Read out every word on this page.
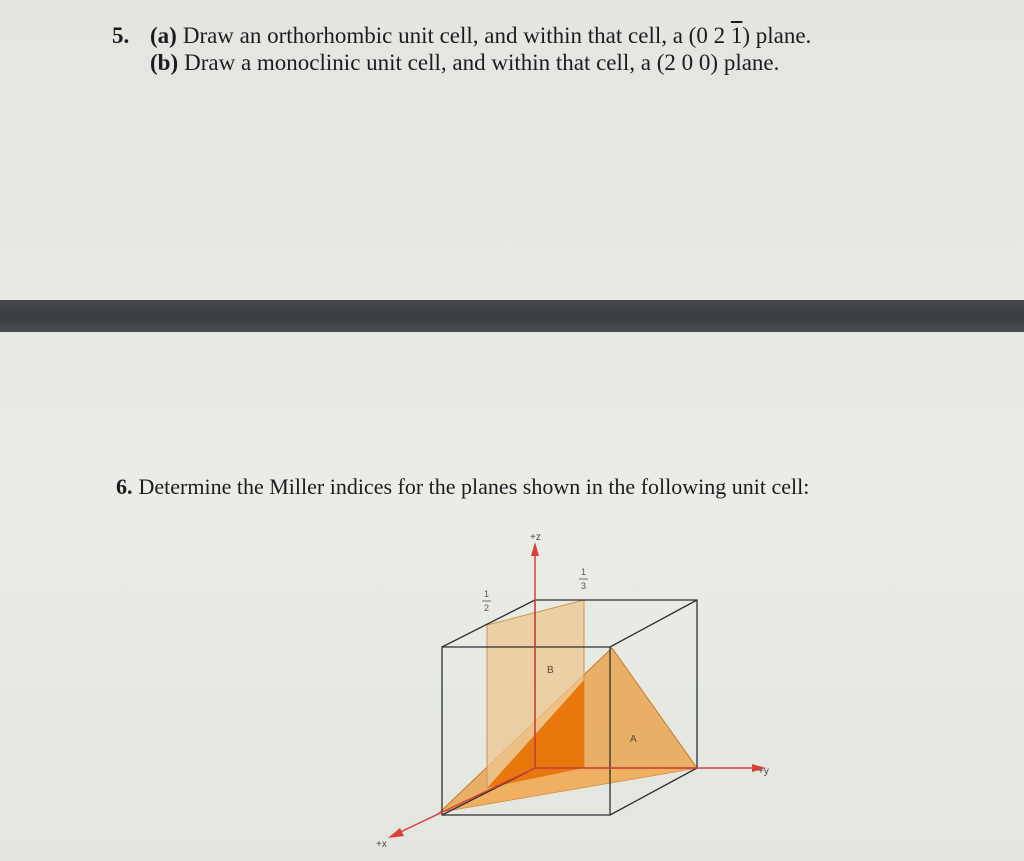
5. (a) Draw an orthorhombic unit cell, and within that cell, a (0 2 1) plane.
(b) Draw a monoclinic unit cell, and within that cell, a (2 0 0) plane.
6. Determine the Miller indices for the planes shown in the following unit cell:
+z
+y
+x
1
2
1
3
B
A
